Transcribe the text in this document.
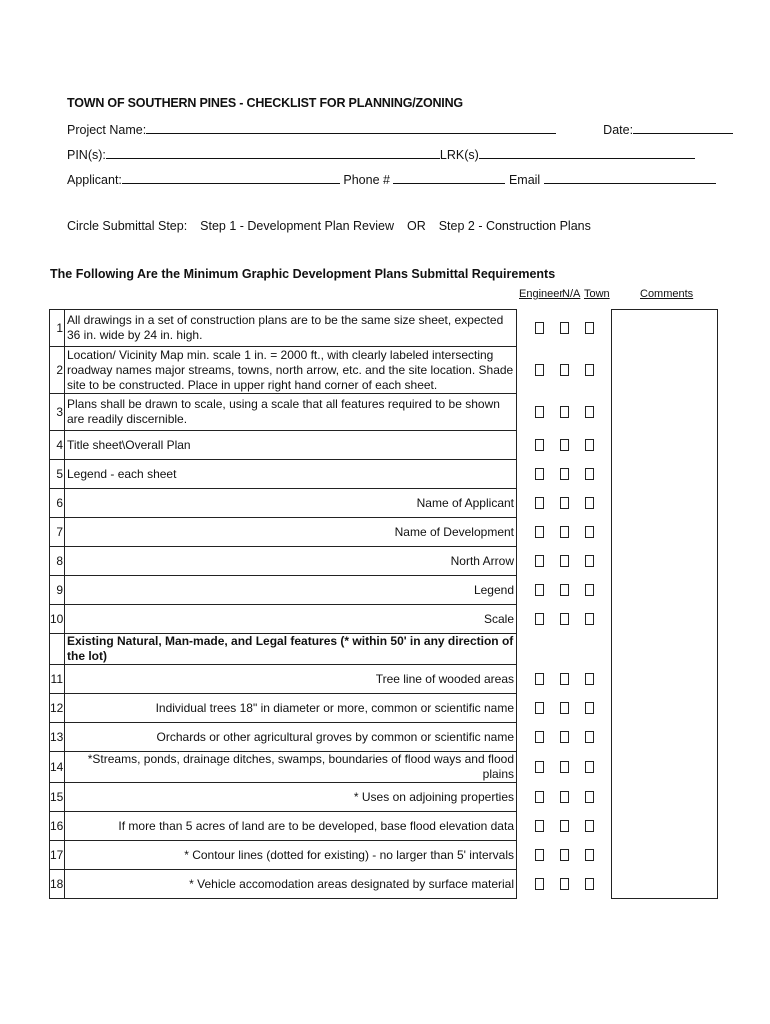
TOWN OF SOUTHERN PINES - CHECKLIST FOR PLANNING/ZONING
Project Name:	Date:
PIN(s):	LRK(s)
Applicant:	Phone #	Email
Circle Submittal Step: Step 1 - Development Plan Review OR Step 2 - Construction Plans
The Following Are the Minimum Graphic Development Plans Submittal Requirements
Engineer
N/A Town	Comments
1	All drawings in a set of construction plans are to be the same size sheet, expected 36 in. wide by 24 in. high.		
2	Location/ Vicinity Map min. scale 1 in. = 2000 ft., with clearly labeled intersecting roadway names major streams, towns, north arrow, etc. and the site location. Shade site to be constructed. Place in upper right hand corner of each sheet.		
3	Plans shall be drawn to scale, using a scale that all features required to be shown are readily discernible.		
4	Title sheet\Overall Plan		
5	Legend - each sheet		
6	Name of Applicant		
7	Name of Development		
8	North Arrow		
9	Legend		
10	Scale		
	Existing Natural, Man-made, and Legal features (* within 50' in any direction of the lot)		
11	Tree line of wooded areas		
12	Individual trees 18" in diameter or more, common or scientific name		
13	Orchards or other agricultural groves by common or scientific name		
14	*Streams, ponds, drainage ditches, swamps, boundaries of flood ways and flood plains		
15	* Uses on adjoining properties		
16	If more than 5 acres of land are to be developed, base flood elevation data		
17	* Contour lines (dotted for existing) - no larger than 5' intervals		
18	* Vehicle accomodation areas designated by surface material		
